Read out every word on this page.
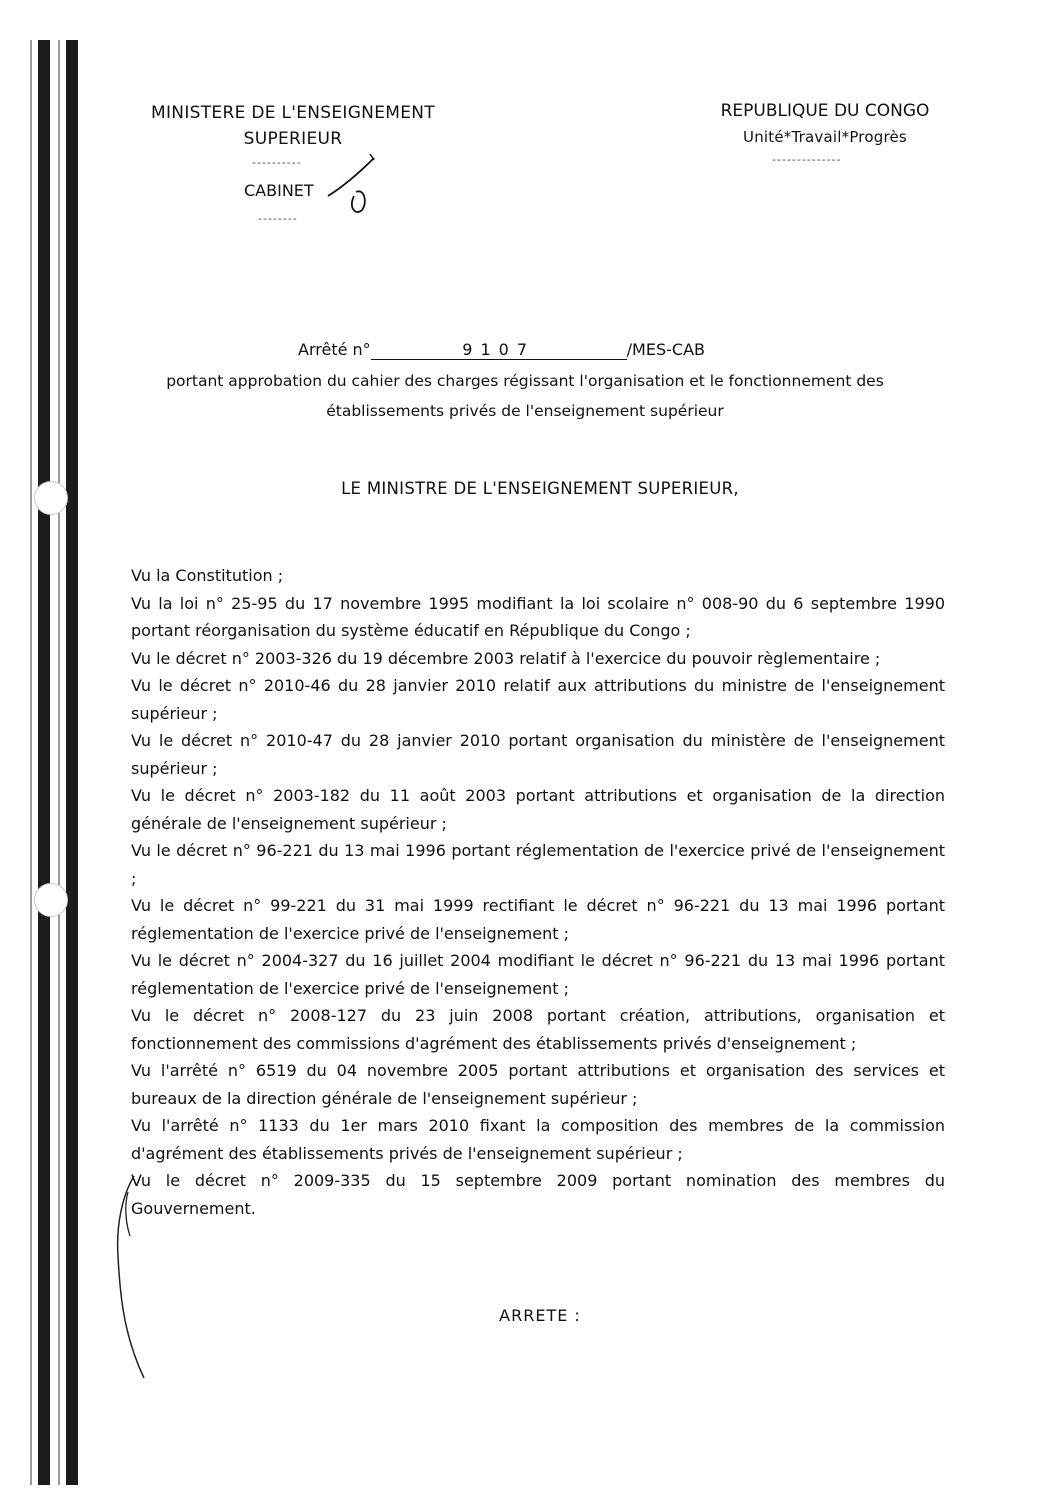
MINISTERE DE L'ENSEIGNEMENT
SUPERIEUR
----------
CABINET
--------
REPUBLIQUE DU CONGO
Unité*Travail*Progrès
--------------
Arrêté n°	9107	/MES-CAB
portant approbation du cahier des charges régissant l'organisation et le fonctionnement des établissements privés de l'enseignement supérieur
LE MINISTRE DE L'ENSEIGNEMENT SUPERIEUR,
Vu la Constitution ;
Vu la loi n° 25-95 du 17 novembre 1995 modifiant la loi scolaire n° 008-90 du 6 septembre 1990 portant réorganisation du système éducatif en République du Congo ;
Vu le décret n° 2003-326 du 19 décembre 2003 relatif à l'exercice du pouvoir règlementaire ;
Vu le décret n° 2010-46 du 28 janvier 2010 relatif aux attributions du ministre de l'enseignement supérieur ;
Vu le décret n° 2010-47 du 28 janvier 2010 portant organisation du ministère de l'enseignement supérieur ;
Vu le décret n° 2003-182 du 11 août 2003 portant attributions et organisation de la direction générale de l'enseignement supérieur ;
Vu le décret n° 96-221 du 13 mai 1996 portant réglementation de l'exercice privé de l'enseignement ;
Vu le décret n° 99-221 du 31 mai 1999 rectifiant le décret n° 96-221 du 13 mai 1996 portant réglementation de l'exercice privé de l'enseignement ;
Vu le décret n° 2004-327 du 16 juillet 2004 modifiant le décret n° 96-221 du 13 mai 1996 portant réglementation de l'exercice privé de l'enseignement ;
Vu le décret n° 2008-127 du 23 juin 2008 portant création, attributions, organisation et fonctionnement des commissions d'agrément des établissements privés d'enseignement ;
Vu l'arrêté n° 6519 du 04 novembre 2005 portant attributions et organisation des services et bureaux de la direction générale de l'enseignement supérieur ;
Vu l'arrêté n° 1133 du 1er mars 2010 fixant la composition des membres de la commission d'agrément des établissements privés de l'enseignement supérieur ;
Vu le décret n° 2009-335 du 15 septembre 2009 portant nomination des membres du Gouvernement.
ARRETE :
